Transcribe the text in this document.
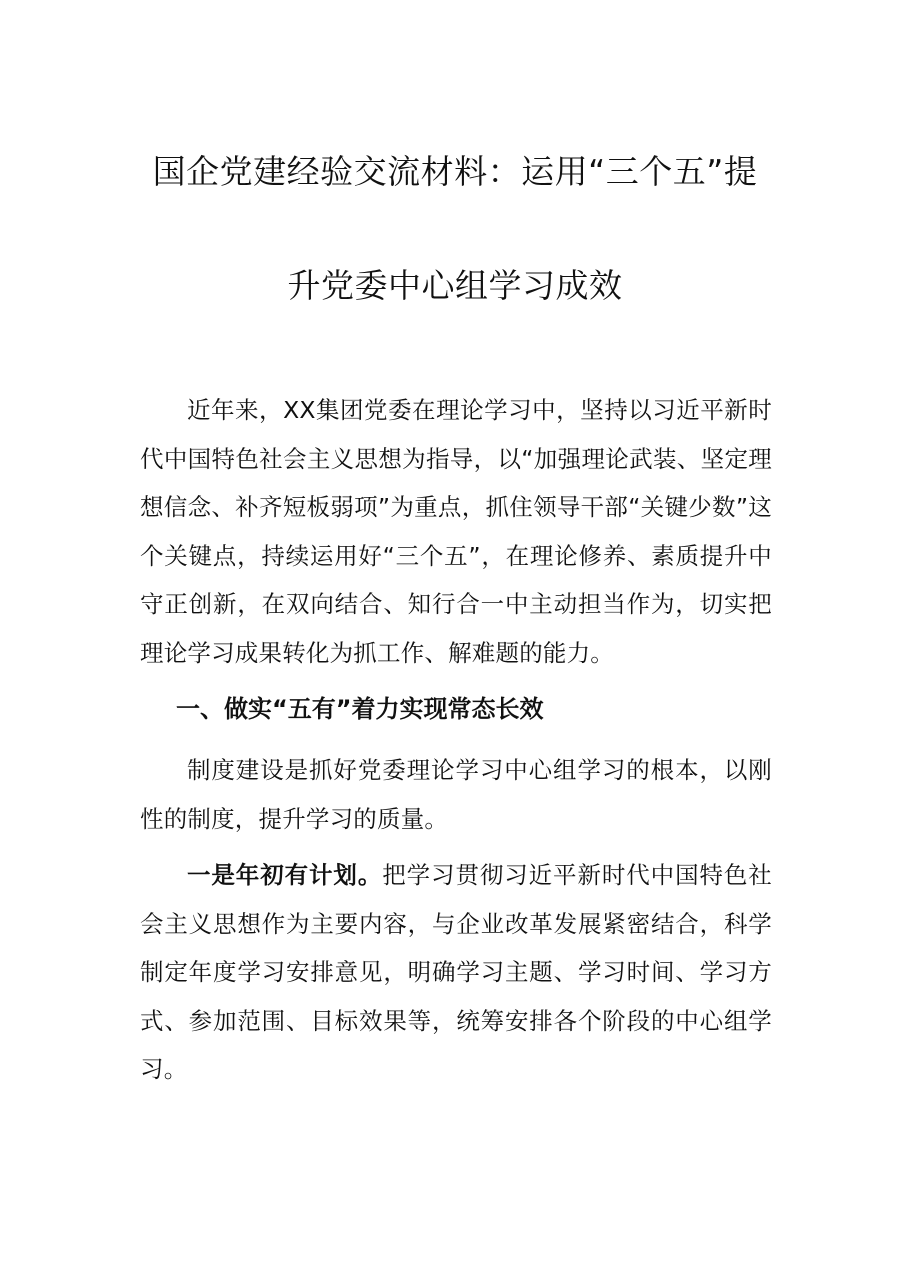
国企党建经验交流材料：运用“三个五”提
升党委中心组学习成效

近年来，XX集团党委在理论学习中，坚持以习近平新时代中国特色社会主义思想为指导，以“加强理论武装、坚定理想信念、补齐短板弱项”为重点，抓住领导干部“关键少数”这个关键点，持续运用好“三个五”，在理论修养、素质提升中守正创新，在双向结合、知行合一中主动担当作为，切实把理论学习成果转化为抓工作、解难题的能力。

一、做实“五有”着力实现常态长效

制度建设是抓好党委理论学习中心组学习的根本，以刚性的制度，提升学习的质量。

一是年初有计划。把学习贯彻习近平新时代中国特色社会主义思想作为主要内容，与企业改革发展紧密结合，科学制定年度学习安排意见，明确学习主题、学习时间、学习方式、参加范围、目标效果等，统筹安排各个阶段的中心组学习。
